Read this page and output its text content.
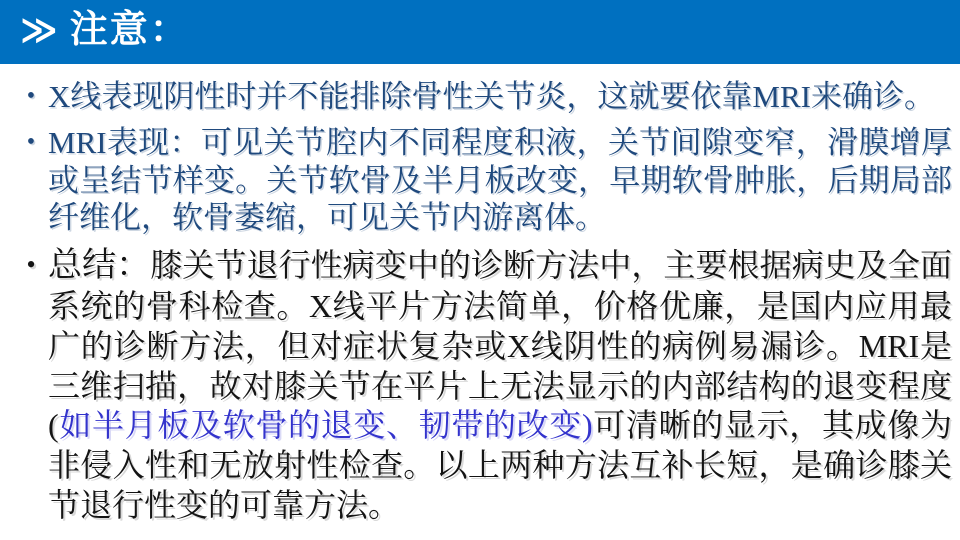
≫ 注意：
• X线表现阴性时并不能排除骨性关节炎，这就要依靠MRI来确诊。
• MRI表现：可见关节腔内不同程度积液，关节间隙变窄，滑膜增厚或呈结节样变。关节软骨及半月板改变，早期软骨肿胀，后期局部纤维化，软骨萎缩，可见关节内游离体。
• 总结：膝关节退行性病变中的诊断方法中，主要根据病史及全面系统的骨科检查。X线平片方法简单，价格优廉，是国内应用最广的诊断方法，但对症状复杂或X线阴性的病例易漏诊。MRI是三维扫描，故对膝关节在平片上无法显示的内部结构的退变程度(如半月板及软骨的退变、韧带的改变)可清晰的显示，其成像为非侵入性和无放射性检查。以上两种方法互补长短，是确诊膝关节退行性变的可靠方法。
